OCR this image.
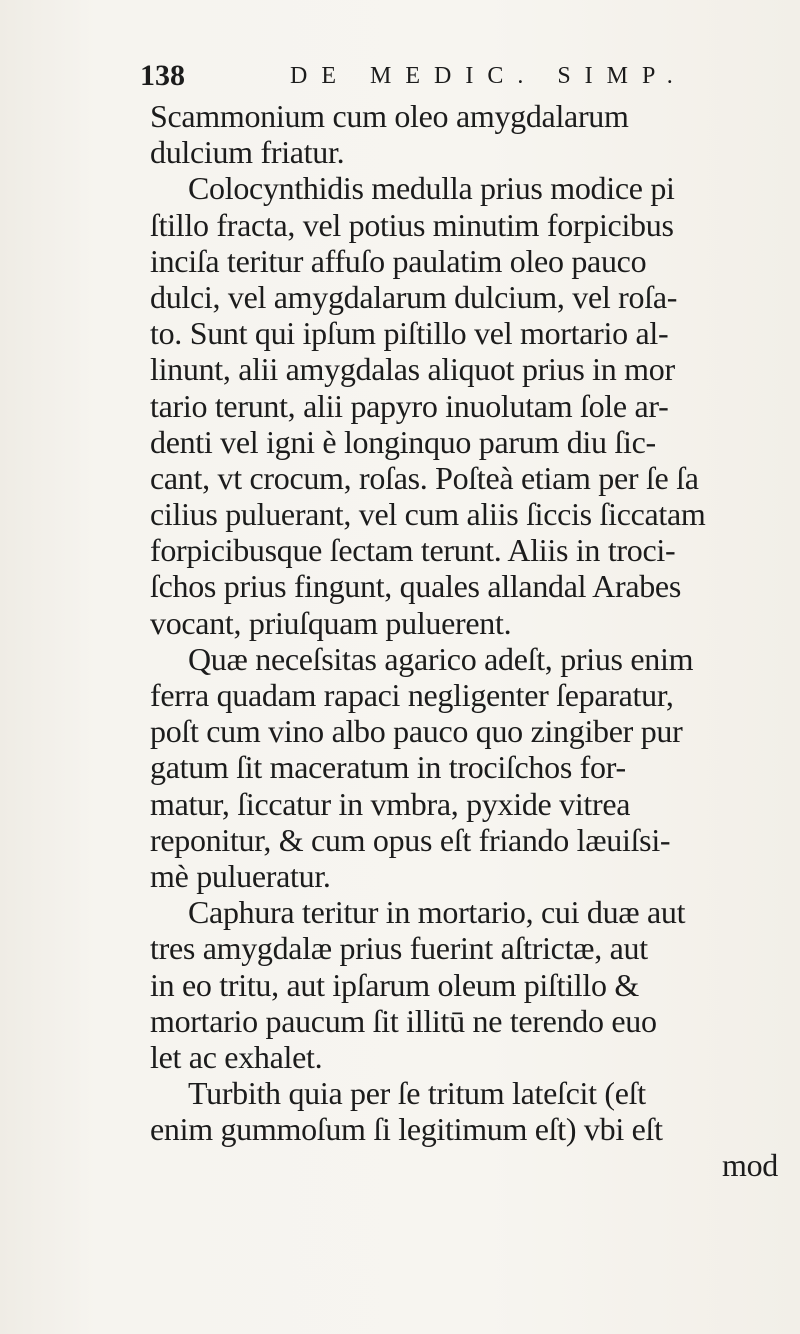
138	DE MEDIC. SIMP.
Scammonium cum oleo amygdalarum
dulcium friatur.
Colocynthidis medulla prius modice pi
ſtillo fracta, vel potius minutim forpicibus
inciſa teritur affuſo paulatim oleo pauco
dulci, vel amygdalarum dulcium, vel roſa-
to. Sunt qui ipſum piſtillo vel mortario al-
linunt, alii amygdalas aliquot prius in mor
tario terunt, alii papyro inuolutam ſole ar-
denti vel igni è longinquo parum diu ſic-
cant, vt crocum, roſas. Poſteà etiam per ſe ſa
cilius puluerant, vel cum aliis ſiccis ſiccatam
forpicibusque ſectam terunt. Aliis in troci-
ſchos prius fingunt, quales allandal Arabes
vocant, priuſquam puluerent.
Quæ neceſsitas agarico adeſt, prius enim
ferra quadam rapaci negligenter ſeparatur,
poſt cum vino albo pauco quo zingiber pur
gatum ſit maceratum in trociſchos for-
matur, ſiccatur in vmbra, pyxide vitrea
reponitur, & cum opus eſt friando læuiſsi-
mè pulueratur.
Caphura teritur in mortario, cui duæ aut
tres amygdalæ prius fuerint aſtrictæ, aut
in eo tritu, aut ipſarum oleum piſtillo &
mortario paucum ſit illitū ne terendo euo
let ac exhalet.
Turbith quia per ſe tritum lateſcit (eſt
enim gummoſum ſi legitimum eſt) vbi eſt
mod
